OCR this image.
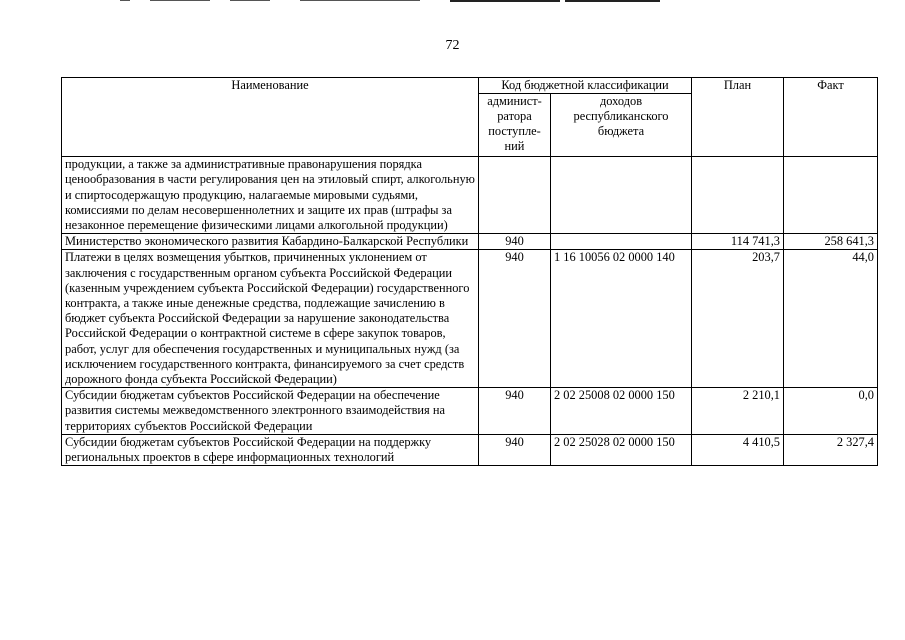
72
Наименование	Код бюджетной классификации		План	Факт
	админист-
ратора
поступле-
ний	доходов
республиканского
бюджета		
продукции, а также за административные правонарушения порядка ценообразования в части регулирования цен на этиловый спирт, алкогольную и спиртосодержащую продукцию, налагаемые мировыми судьями, комиссиями по делам несовершеннолетних и защите их прав (штрафы за незаконное перемещение физическими лицами алкогольной продукции)				
Министерство экономического развития Кабардино-Балкарской Республики	940		114 741,3	258 641,3
Платежи в целях возмещения убытков, причиненных уклонением от заключения с государственным органом субъекта Российской Федерации (казенным учреждением субъекта Российской Федерации) государственного контракта, а также иные денежные средства, подлежащие зачислению в бюджет субъекта Российской Федерации за нарушение законодательства Российской Федерации о контрактной системе в сфере закупок товаров, работ, услуг для обеспечения государственных и муниципальных нужд (за исключением государственного контракта, финансируемого за счет средств дорожного фонда субъекта Российской Федерации)	940	1 16 10056 02 0000 140	203,7	44,0
Субсидии бюджетам субъектов Российской Федерации на обеспечение развития системы межведомственного электронного взаимодействия на территориях субъектов Российской Федерации	940	2 02 25008 02 0000 150	2 210,1	0,0
Субсидии бюджетам субъектов Российской Федерации на поддержку региональных проектов в сфере информационных технологий	940	2 02 25028 02 0000 150	4 410,5	2 327,4
